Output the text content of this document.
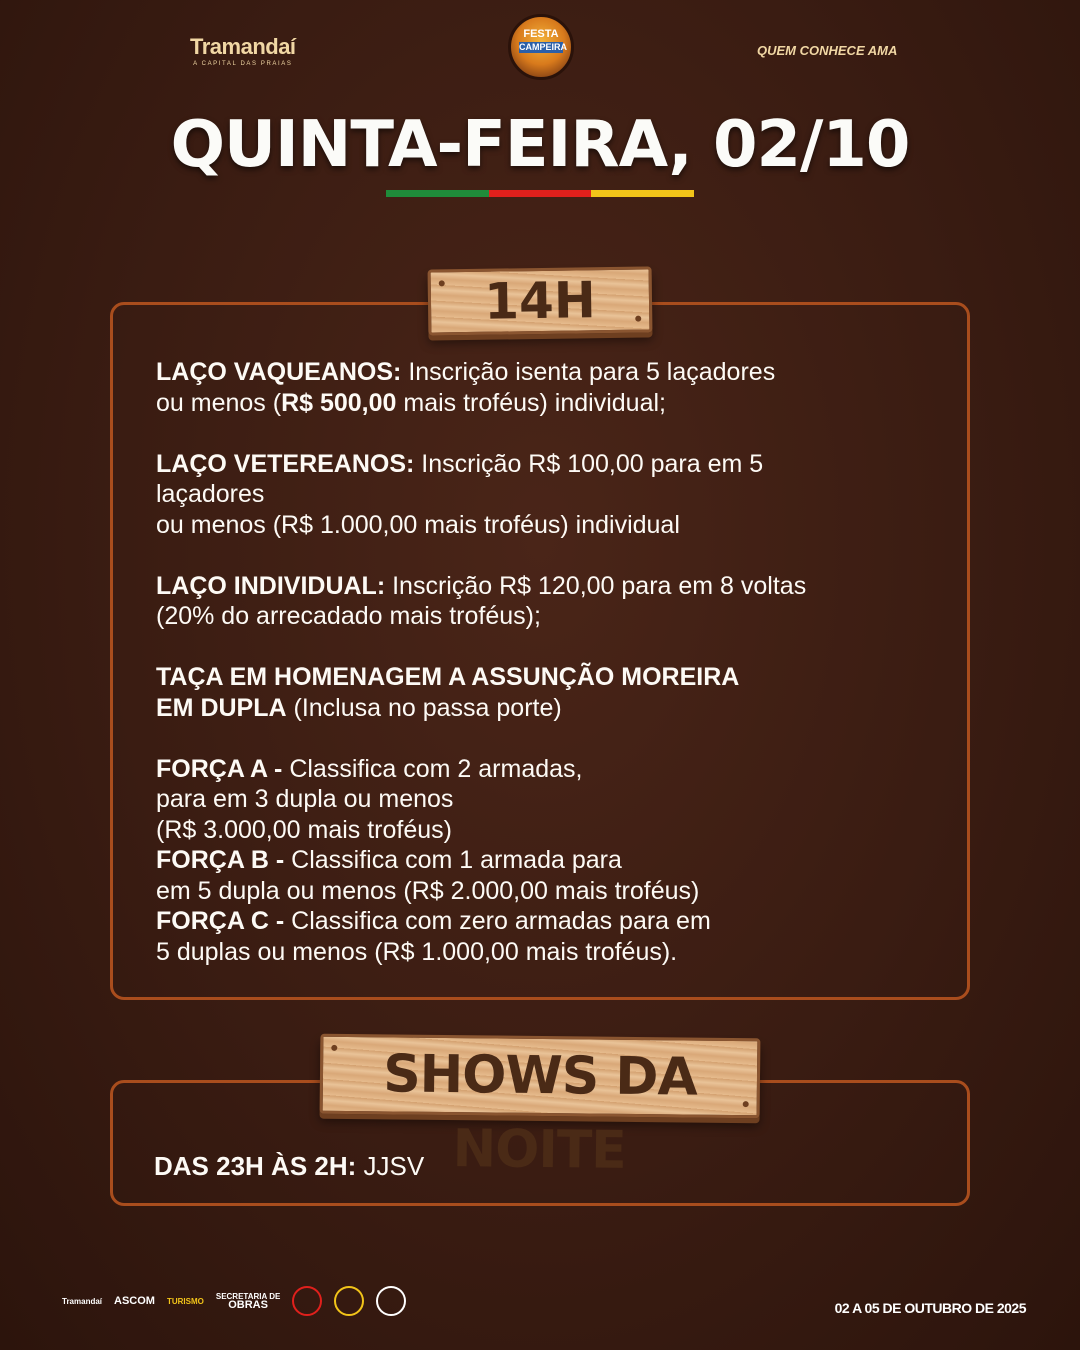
Tramandaí
A CAPITAL DAS PRAIAS
FESTA
CAMPEIRA	QUEM CONHECE AMA
QUINTA-FEIRA, 02/10
14H

LAÇO VAQUEANOS: Inscrição isenta para 5 laçadores
ou menos (R$ 500,00 mais troféus) individual;

LAÇO VETEREANOS: Inscrição R$ 100,00 para em 5
laçadores
ou menos (R$ 1.000,00 mais troféus) individual

LAÇO INDIVIDUAL: Inscrição R$ 120,00 para em 8 voltas
(20% do arrecadado mais troféus);

TAÇA EM HOMENAGEM A ASSUNÇÃO MOREIRA
EM DUPLA (Inclusa no passa porte)

FORÇA A - Classifica com 2 armadas,
para em 3 dupla ou menos
(R$ 3.000,00 mais troféus)

FORÇA B - Classifica com 1 armada para
em 5 dupla ou menos (R$ 2.000,00 mais troféus)

FORÇA C - Classifica com zero armadas para em
5 duplas ou menos (R$ 1.000,00 mais troféus).

SHOWS DA NOITE
DAS 23H ÀS 2H: JJSV
Tramandaí ASCOM TURISMO SECRETARIA DE
OBRAS	02 A 05 DE OUTUBRO DE 2025
